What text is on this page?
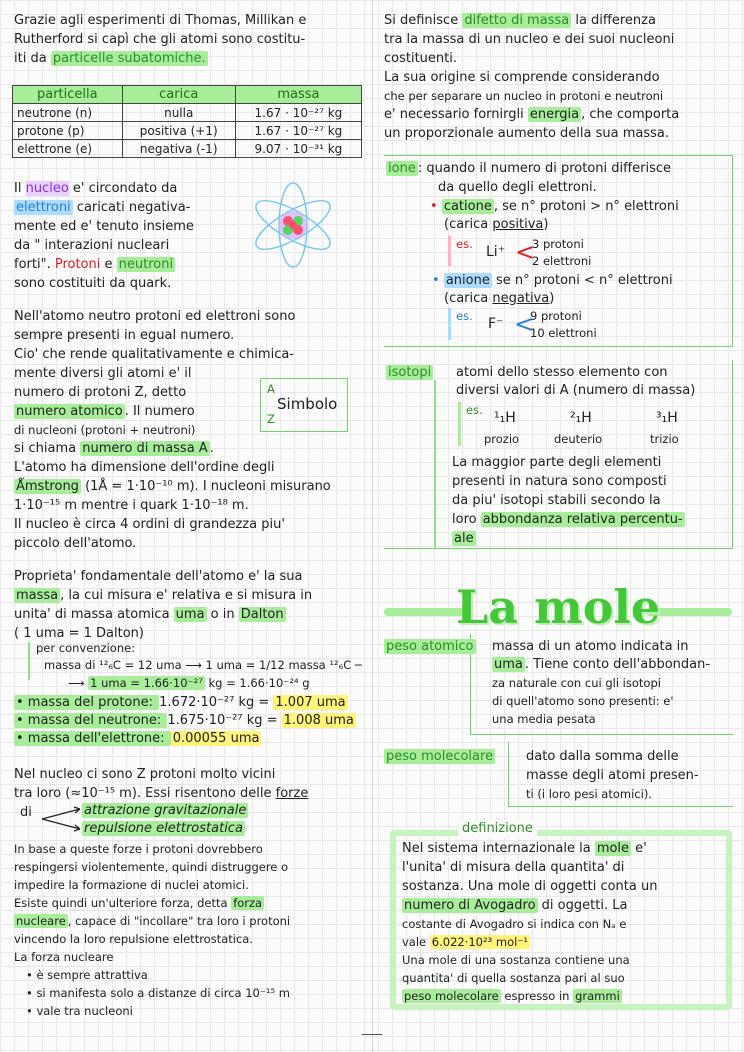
Grazie agli esperimenti di Thomas, Millikan e
Rutherford si capì che gli atomi sono costitu-
iti da particelle subatomiche.
particella	carica	massa
neutrone (n)	nulla	1.67 · 10⁻²⁷ kg
protone (p)	positiva (+1)	1.67 · 10⁻²⁷ kg
elettrone (e)	negativa (-1)	9.07 · 10⁻³¹ kg
Il nucleo e' circondato da
elettroni caricati negativa-
mente ed e' tenuto insieme
da " interazioni nucleari
forti". Protoni e neutroni
sono costituiti da quark.
Nell'atomo neutro protoni ed elettroni sono
sempre presenti in egual numero.
Cio' che rende qualitativamente e chimica-
mente diversi gli atomi e' il
numero di protoni Z, detto
numero atomico . Il numero
di nucleoni (protoni + neutroni)
si chiama numero di massa A .
A
Z
Simbolo
L'atomo ha dimensione dell'ordine degli
Ǻmstrong (1Å = 1·10⁻¹⁰ m). I nucleoni misurano
1·10⁻¹⁵ m mentre i quark 1·10⁻¹⁸ m.
Il nucleo è circa 4 ordini di grandezza piu'
piccolo dell'atomo.
Proprieta' fondamentale dell'atomo e' la sua
massa , la cui misura e' relativa e si misura in
unita' di massa atomica uma o in Dalton
( 1 uma = 1 Dalton)
per convenzione:
massa di ¹²₆C = 12 uma ⟶ 1 uma = 1/12 massa ¹²₆C ─
⟶ 1 uma = 1.66·10⁻²⁷ kg = 1.66·10⁻²⁴ g
• massa del protone: 1.672·10⁻²⁷ kg = 1.007 uma
• massa del neutrone: 1.675·10⁻²⁷ kg = 1.008 uma
• massa dell'elettrone: 0.00055 uma
Nel nucleo ci sono Z protoni molto vicini
tra loro (≈10⁻¹⁵ m). Essi risentono delle forze
di	attrazione gravitazionale
repulsione elettrostatica
In base a queste forze i protoni dovrebbero
respingersi violentemente, quindi distruggere o
impedire la formazione di nuclei atomici.
Esiste quindi un'ulteriore forza, detta forza
nucleare , capace di "incollare" tra loro i protoni
vincendo la loro repulsione elettrostatica.
La forza nucleare
• è sempre attrattiva
• si manifesta solo a distanze di circa 10⁻¹⁵ m
• vale tra nucleoni
Si definisce difetto di massa la differenza
tra la massa di un nucleo e dei suoi nucleoni
costituenti.
La sua origine si comprende considerando
che per separare un nucleo in protoni e neutroni
e' necessario fornirgli energia , che comporta
un proporzionale aumento della sua massa.
ione : quando il numero di protoni differisce
da quello degli elettroni.
• catione , se n° protoni > n° elettroni
(carica positiva)
es. Li⁺ <
3 protoni
2 elettroni
• anione se n° protoni < n° elettroni
(carica negativa)
es. F⁻ <
9 protoni
10 elettroni
isotopi atomi dello stesso elemento con
diversi valori di A (numero di massa)
es. ¹₁H	²₁H	³₁H
prozio	deuterio	trizio
La maggior parte degli elementi
presenti in natura sono composti
da piu' isotopi stabili secondo la
loro abbondanza relativa percentu-
ale
La mole
peso atomico massa di un atomo indicata in
uma . Tiene conto dell'abbondan-
za naturale con cui gli isotopi
di quell'atomo sono presenti: e'
una media pesata
peso molecolare	dato dalla somma delle
masse degli atomi presen-
ti (i loro pesi atomici).
definizione
Nel sistema internazionale la mole e'
l'unita' di misura della quantita' di
sostanza. Una mole di oggetti conta un
numero di Avogadro di oggetti. La
costante di Avogadro si indica con Nₐ e
vale 6.022·10²³ mol⁻¹
Una mole di una sostanza contiene una
quantita' di quella sostanza pari al suo
peso molecolare espresso in grammi
